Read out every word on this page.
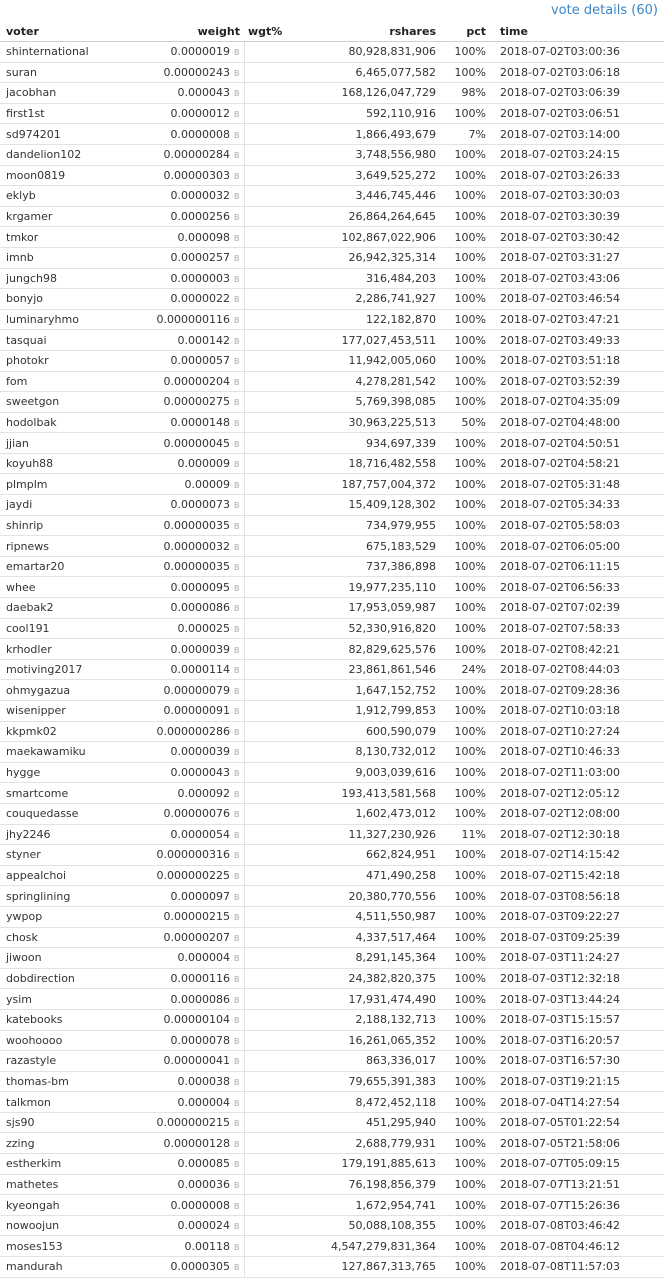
vote details (60)
voter	weight	wgt%	rshares	pct	time
shinternational	0.0000019 B		80,928,831,906	100%	2018-07-02T03:00:36
suran	0.00000243 B		6,465,077,582	100%	2018-07-02T03:06:18
jacobhan	0.000043 B		168,126,047,729	98%	2018-07-02T03:06:39
first1st	0.0000012 B		592,110,916	100%	2018-07-02T03:06:51
sd974201	0.0000008 B		1,866,493,679	7%	2018-07-02T03:14:00
dandelion102	0.00000284 B		3,748,556,980	100%	2018-07-02T03:24:15
moon0819	0.00000303 B		3,649,525,272	100%	2018-07-02T03:26:33
eklyb	0.0000032 B		3,446,745,446	100%	2018-07-02T03:30:03
krgamer	0.0000256 B		26,864,264,645	100%	2018-07-02T03:30:39
tmkor	0.000098 B		102,867,022,906	100%	2018-07-02T03:30:42
imnb	0.0000257 B		26,942,325,314	100%	2018-07-02T03:31:27
jungch98	0.0000003 B		316,484,203	100%	2018-07-02T03:43:06
bonyjo	0.0000022 B		2,286,741,927	100%	2018-07-02T03:46:54
luminaryhmo	0.000000116 B		122,182,870	100%	2018-07-02T03:47:21
tasquai	0.000142 B		177,027,453,511	100%	2018-07-02T03:49:33
photokr	0.0000057 B		11,942,005,060	100%	2018-07-02T03:51:18
fom	0.00000204 B		4,278,281,542	100%	2018-07-02T03:52:39
sweetgon	0.00000275 B		5,769,398,085	100%	2018-07-02T04:35:09
hodolbak	0.0000148 B		30,963,225,513	50%	2018-07-02T04:48:00
jjian	0.00000045 B		934,697,339	100%	2018-07-02T04:50:51
koyuh88	0.000009 B		18,716,482,558	100%	2018-07-02T04:58:21
plmplm	0.00009 B		187,757,004,372	100%	2018-07-02T05:31:48
jaydi	0.0000073 B		15,409,128,302	100%	2018-07-02T05:34:33
shinrip	0.00000035 B		734,979,955	100%	2018-07-02T05:58:03
ripnews	0.00000032 B		675,183,529	100%	2018-07-02T06:05:00
emartar20	0.00000035 B		737,386,898	100%	2018-07-02T06:11:15
whee	0.0000095 B		19,977,235,110	100%	2018-07-02T06:56:33
daebak2	0.0000086 B		17,953,059,987	100%	2018-07-02T07:02:39
cool191	0.000025 B		52,330,916,820	100%	2018-07-02T07:58:33
krhodler	0.0000039 B		82,829,625,576	100%	2018-07-02T08:42:21
motiving2017	0.0000114 B		23,861,861,546	24%	2018-07-02T08:44:03
ohmygazua	0.00000079 B		1,647,152,752	100%	2018-07-02T09:28:36
wisenipper	0.00000091 B		1,912,799,853	100%	2018-07-02T10:03:18
kkpmk02	0.000000286 B		600,590,079	100%	2018-07-02T10:27:24
maekawamiku	0.0000039 B		8,130,732,012	100%	2018-07-02T10:46:33
hygge	0.0000043 B		9,003,039,616	100%	2018-07-02T11:03:00
smartcome	0.000092 B		193,413,581,568	100%	2018-07-02T12:05:12
couquedasse	0.00000076 B		1,602,473,012	100%	2018-07-02T12:08:00
jhy2246	0.0000054 B		11,327,230,926	11%	2018-07-02T12:30:18
styner	0.000000316 B		662,824,951	100%	2018-07-02T14:15:42
appealchoi	0.000000225 B		471,490,258	100%	2018-07-02T15:42:18
springlining	0.0000097 B		20,380,770,556	100%	2018-07-03T08:56:18
ywpop	0.00000215 B		4,511,550,987	100%	2018-07-03T09:22:27
chosk	0.00000207 B		4,337,517,464	100%	2018-07-03T09:25:39
jiwoon	0.000004 B		8,291,145,364	100%	2018-07-03T11:24:27
dobdirection	0.0000116 B		24,382,820,375	100%	2018-07-03T12:32:18
ysim	0.0000086 B		17,931,474,490	100%	2018-07-03T13:44:24
katebooks	0.00000104 B		2,188,132,713	100%	2018-07-03T15:15:57
woohoooo	0.0000078 B		16,261,065,352	100%	2018-07-03T16:20:57
razastyle	0.00000041 B		863,336,017	100%	2018-07-03T16:57:30
thomas-bm	0.000038 B		79,655,391,383	100%	2018-07-03T19:21:15
talkmon	0.000004 B		8,472,452,118	100%	2018-07-04T14:27:54
sjs90	0.000000215 B		451,295,940	100%	2018-07-05T01:22:54
zzing	0.00000128 B		2,688,779,931	100%	2018-07-05T21:58:06
estherkim	0.000085 B		179,191,885,613	100%	2018-07-07T05:09:15
mathetes	0.000036 B		76,198,856,379	100%	2018-07-07T13:21:51
kyeongah	0.0000008 B		1,672,954,741	100%	2018-07-07T15:26:36
nowoojun	0.000024 B		50,088,108,355	100%	2018-07-08T03:46:42
moses153	0.00118 B		4,547,279,831,364	100%	2018-07-08T04:46:12
mandurah	0.0000305 B		127,867,313,765	100%	2018-07-08T11:57:03
